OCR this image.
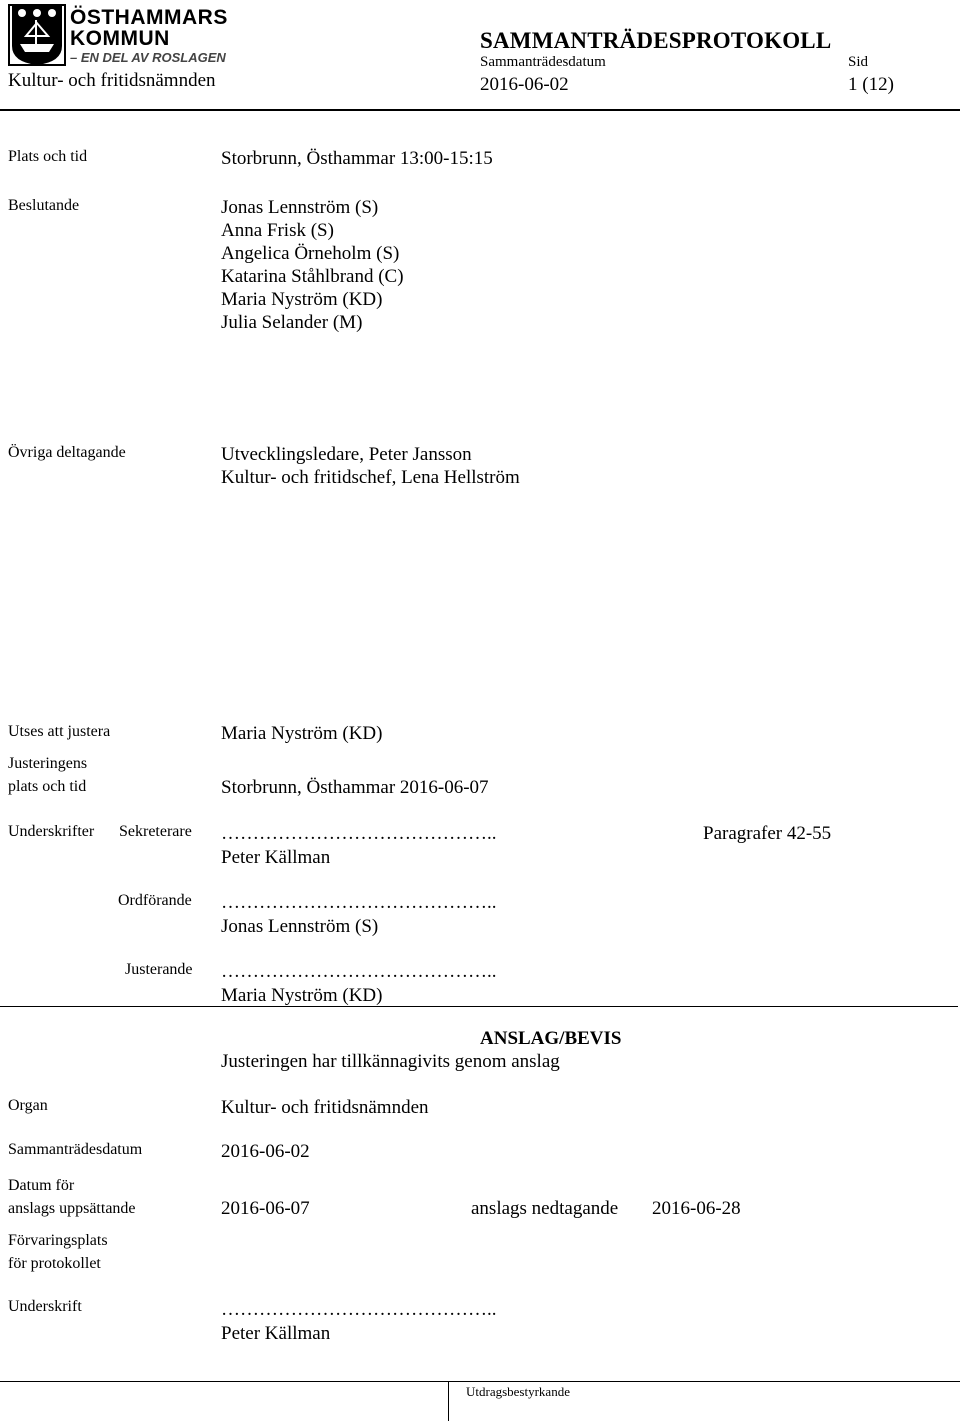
ÖSTHAMMARS
KOMMUN
– EN DEL AV ROSLAGEN
Kultur- och fritidsnämnden
SAMMANTRÄDESPROTOKOLL
Sammanträdesdatum
2016-06-02
Sid
1 (12)
Plats och tid	Storbrunn, Östhammar 13:00-15:15
Beslutande	Jonas Lennström (S)
Anna Frisk (S)
Angelica Örneholm (S)
Katarina Ståhlbrand (C)
Maria Nyström (KD)
Julia Selander (M)
Övriga deltagande	Utvecklingsledare, Peter Jansson
Kultur- och fritidschef, Lena Hellström
Utses att justera	Maria Nyström (KD)
Justeringens
plats och tid	Storbrunn, Östhammar 2016-06-07
Underskrifter Sekreterare ……………………………………..
Peter Källman
Paragrafer 42-55
Ordförande ……………………………………..
Jonas Lennström (S)
Justerande ……………………………………..
Maria Nyström (KD)
ANSLAG/BEVIS
Justeringen har tillkännagivits genom anslag
Organ	Kultur- och fritidsnämnden
Sammanträdesdatum	2016-06-02
Datum för
anslags uppsättande	2016-06-07	anslags nedtagande 2016-06-28
Förvaringsplats
för protokollet
Underskrift	……………………………………..
Peter Källman
Utdragsbestyrkande
